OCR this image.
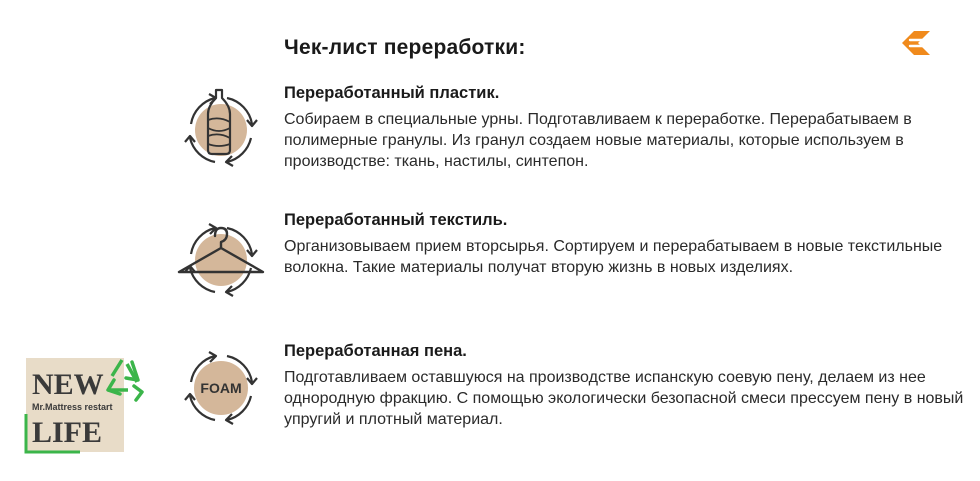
Чек-лист переработки:
Переработанный пластик.

Собираем в специальные урны. Подготавливаем к переработке. Перерабатываем в полимерные гранулы. Из гранул создаем новые материалы, которые используем в производстве: ткань, настилы, синтепон.

Переработанный текстиль.

Организовываем прием вторсырья. Сортируем и перерабатываем в новые текстильные волокна. Такие материалы получат вторую жизнь в новых изделиях.

FOAM
Переработанная пена.

Подготавливаем оставшуюся на производстве испанскую соевую пену, делаем из нее однородную фракцию. С помощью экологически безопасной смеси прессуем пену в новый упругий и плотный материал.

NEW
Mr.Mattress restart
LIFE
